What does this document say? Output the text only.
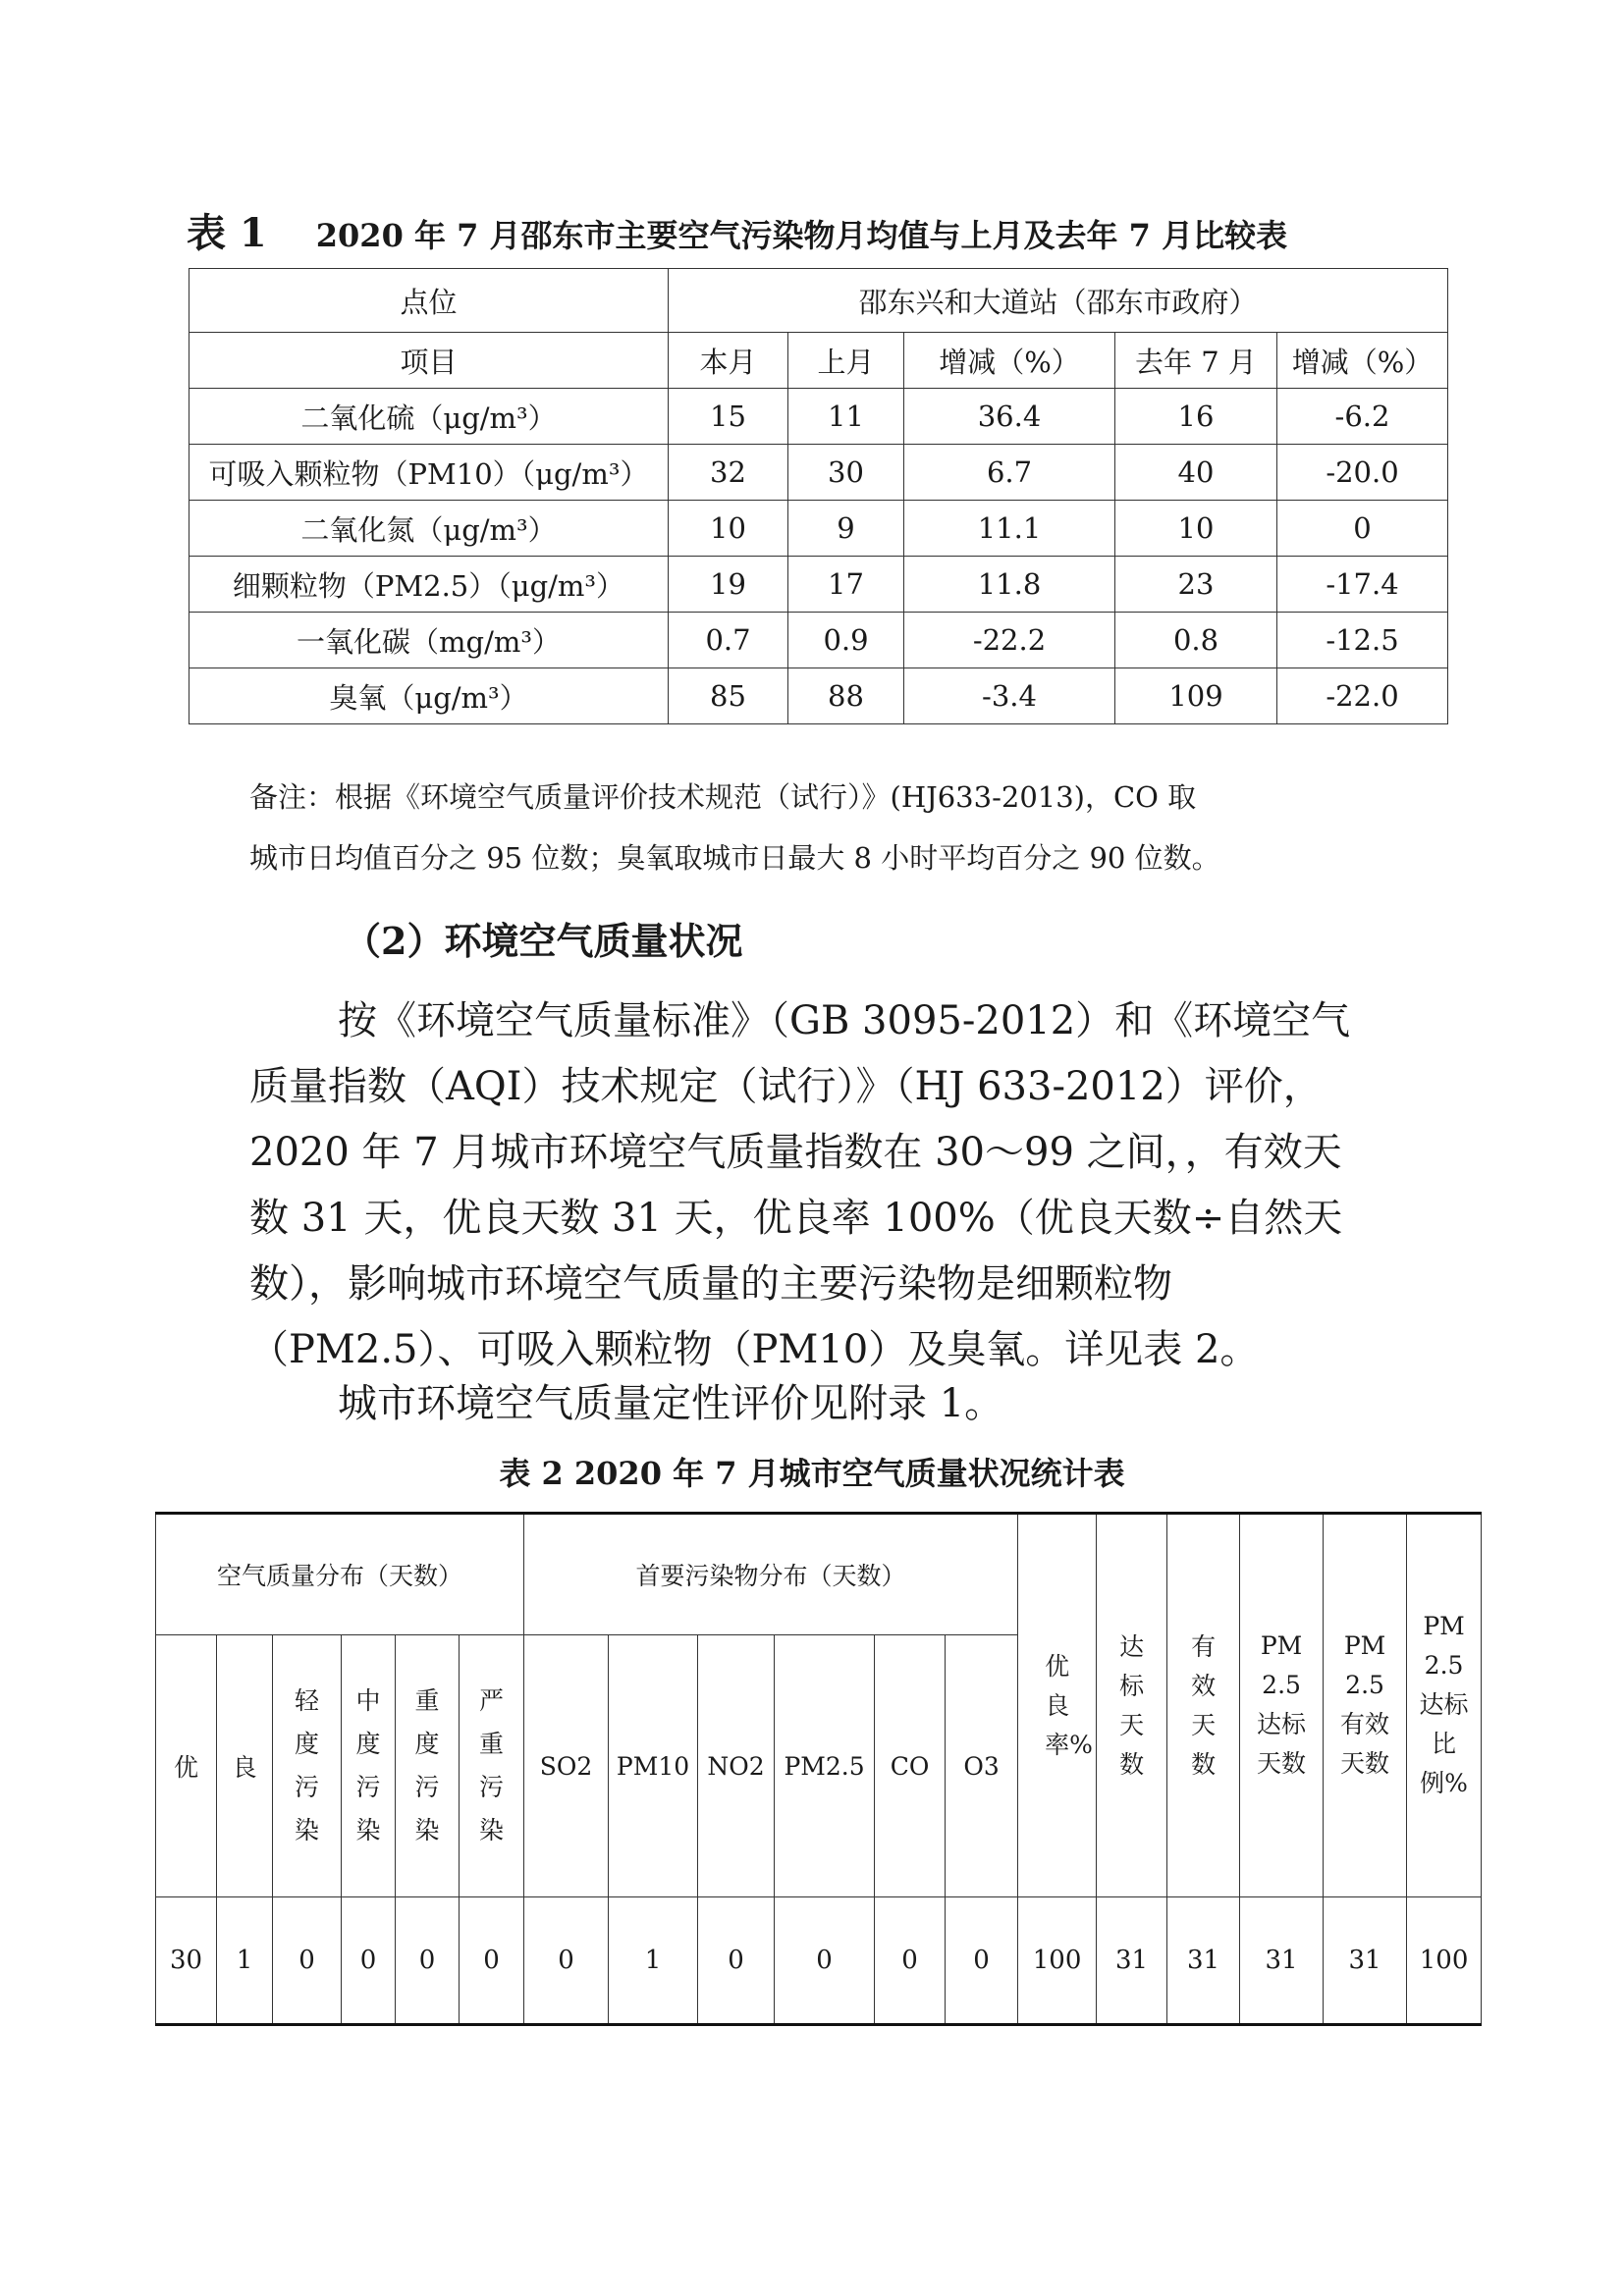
表 1 2020 年 7 月邵东市主要空气污染物月均值与上月及去年 7 月比较表
点位	邵东兴和大道站（邵东市政府）				
项目	本月	上月	增减（%）	去年 7 月	增减（%）
二氧化硫（μg/m³）	15	11	36.4	16	-6.2
可吸入颗粒物（PM10）（μg/m³）	32	30	6.7	40	-20.0
二氧化氮（μg/m³）	10	9	11.1	10	0
细颗粒物（PM2.5）（μg/m³）	19	17	11.8	23	-17.4
一氧化碳（mg/m³）	0.7	0.9	-22.2	0.8	-12.5
臭氧（μg/m³）	85	88	-3.4	109	-22.0
备注：根据《环境空气质量评价技术规范（试行）》(HJ633-2013)，CO 取
城市日均值百分之 95 位数；臭氧取城市日最大 8 小时平均百分之 90 位数。
（2）环境空气质量状况
按《环境空气质量标准》（GB 3095-2012）和《环境空气
质量指数（AQI）技术规定（试行）》（HJ 633-2012）评价，
2020 年 7 月城市环境空气质量指数在 30～99 之间，，有效天
数 31 天，优良天数 31 天，优良率 100%（优良天数÷自然天
数），影响城市环境空气质量的主要污染物是细颗粒物
（PM2.5）、可吸入颗粒物（PM10）及臭氧。详见表 2。
城市环境空气质量定性评价见附录 1。
表 2 2020 年 7 月城市空气质量状况统计表
空气质量分布（天数）						首要污染物分布（天数）						优良率%	达标天数	有效天数	PM 2.5 达标天数	PM 2.5 有效天数	PM 2.5 达标比例%
优	良	轻度污染	中度污染	重度污染	严重污染	SO2	PM10	NO2	PM2.5	CO	O3						
30	1	0	0	0	0	0	1	0	0	0	0	100	31	31	31	31	100
